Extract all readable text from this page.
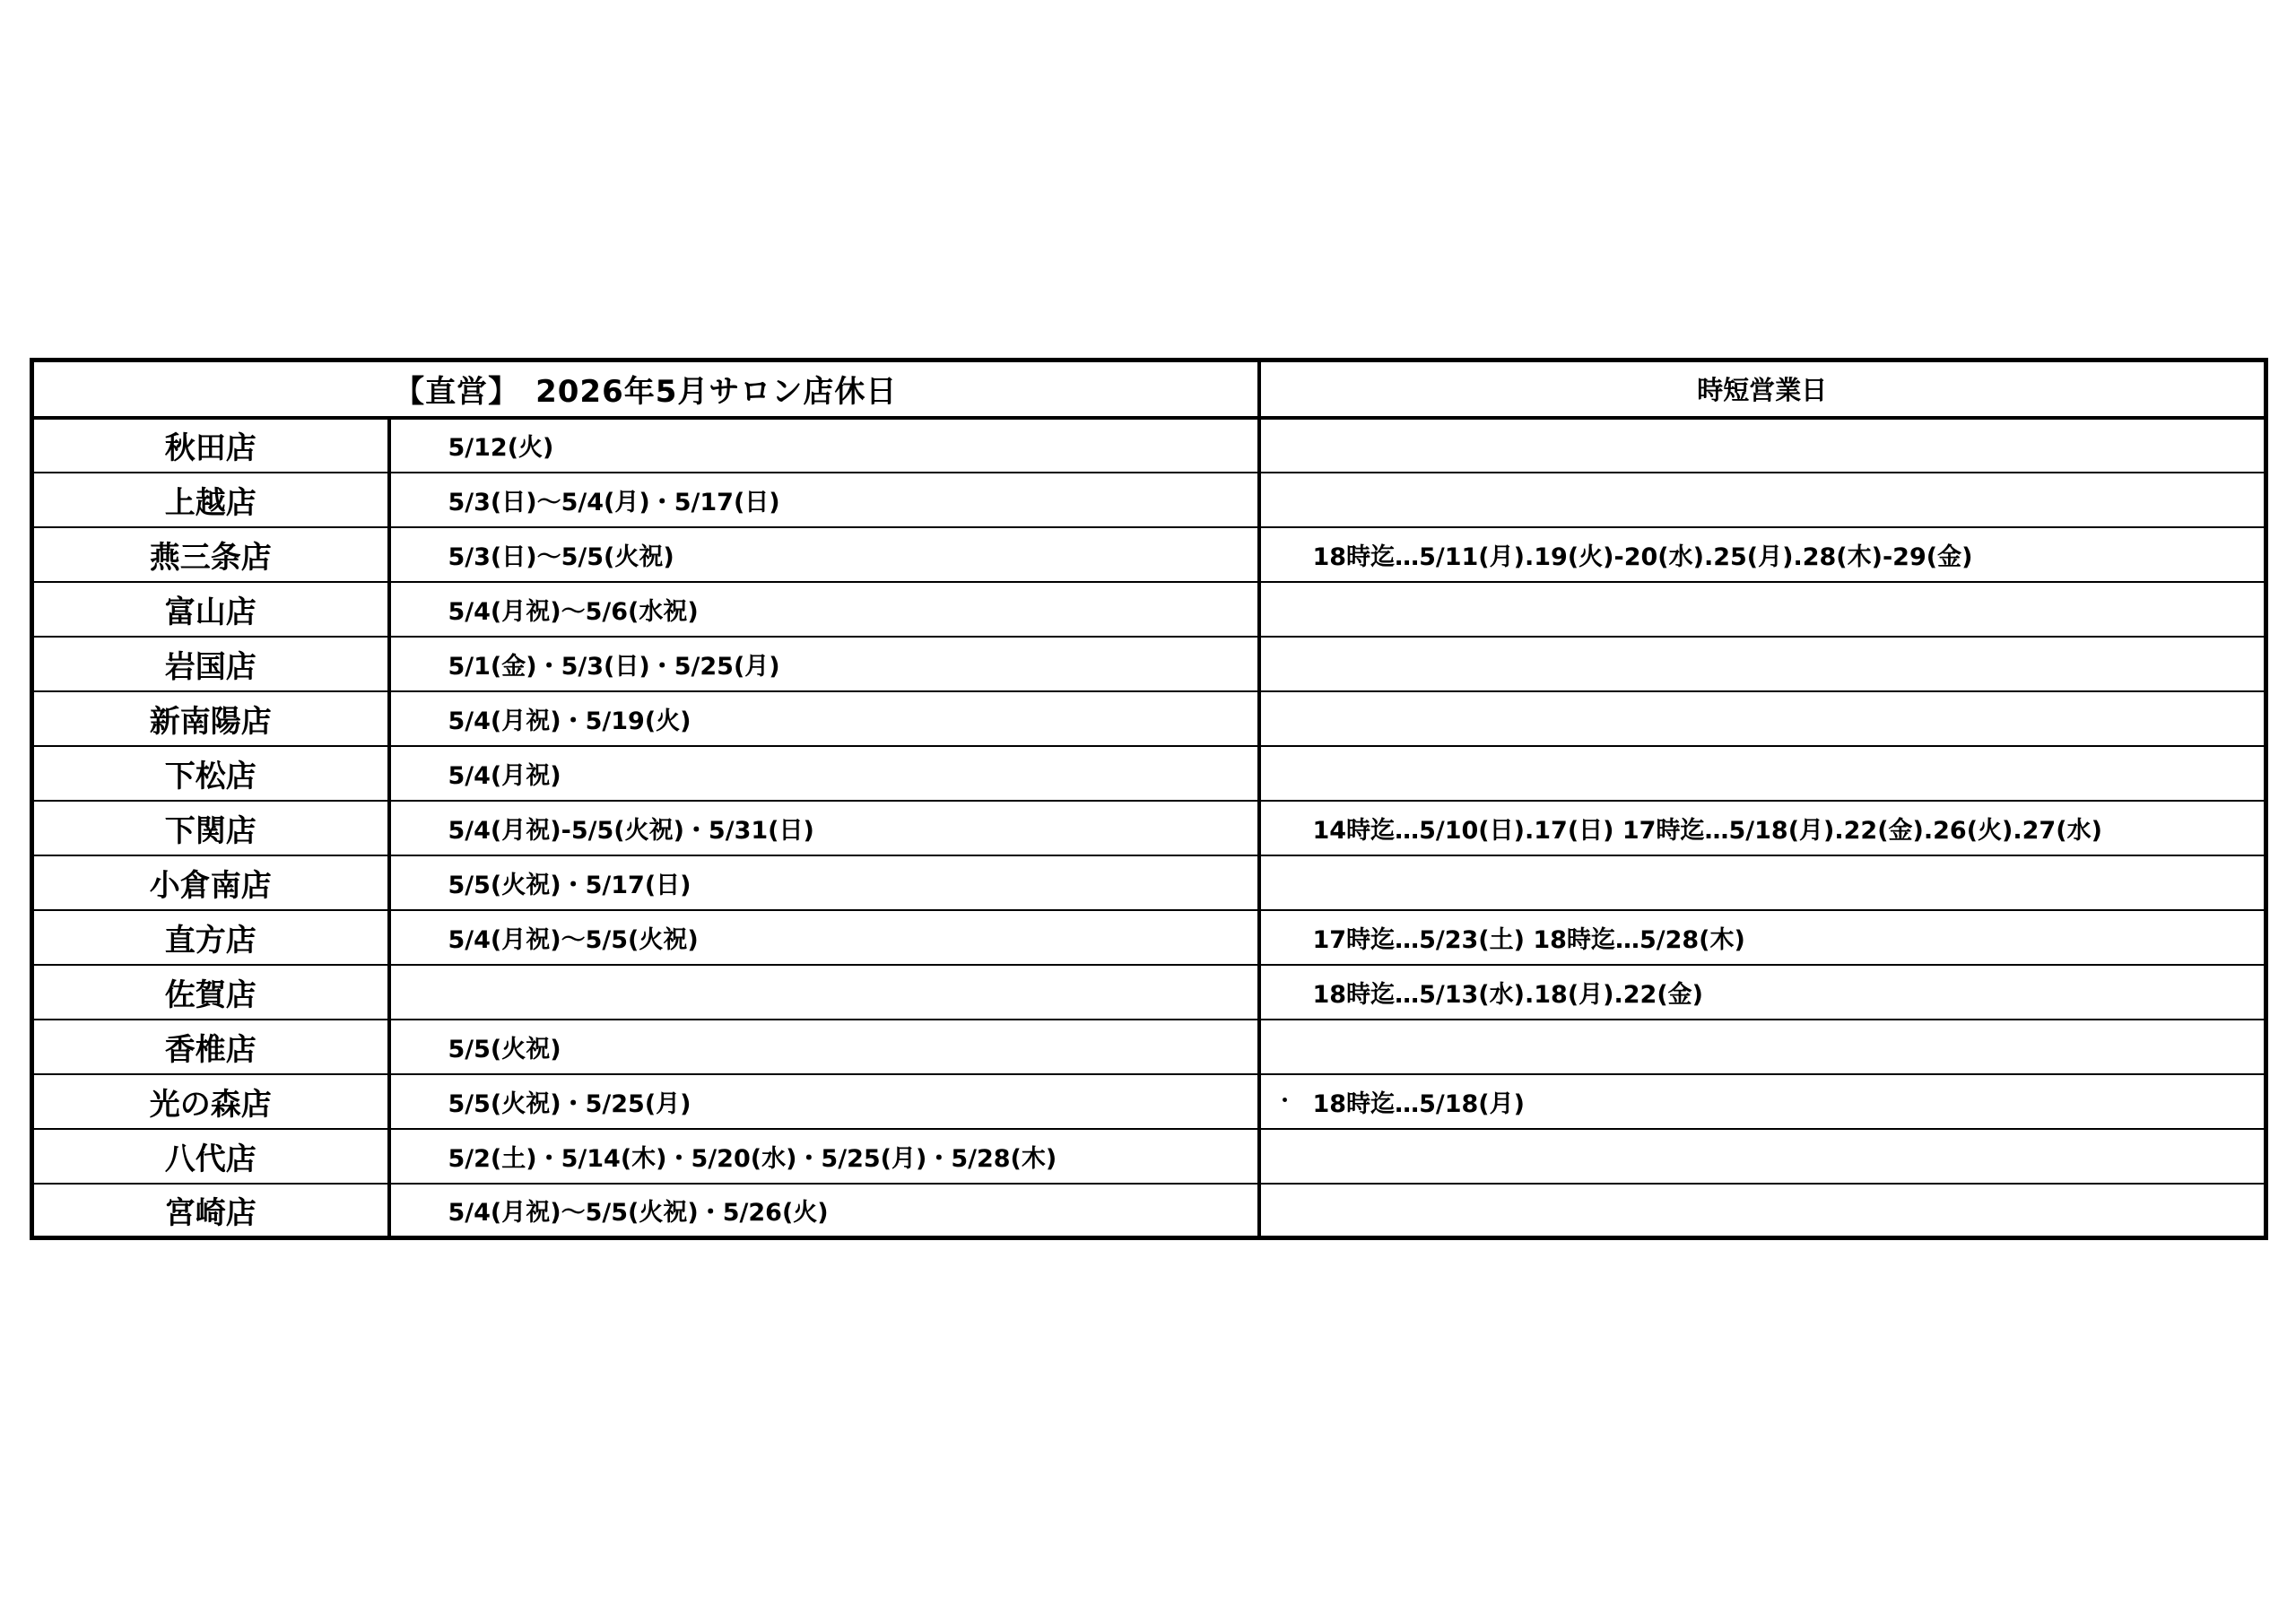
【直営】　2026年5月サロン店休日		時短営業日
秋田店	5/12(火)	
上越店	5/3(日)～5/4(月)・5/17(日)	
燕三条店	5/3(日)～5/5(火祝)	18時迄…5/11(月).19(火)-20(水).25(月).28(木)-29(金)
富山店	5/4(月祝)～5/6(水祝)	
岩国店	5/1(金)・5/3(日)・5/25(月)	
新南陽店	5/4(月祝)・5/19(火)	
下松店	5/4(月祝)	
下関店	5/4(月祝)-5/5(火祝)・5/31(日)	14時迄…5/10(日).17(日) 17時迄…5/18(月).22(金).26(火).27(水)
小倉南店	5/5(火祝)・5/17(日)	
直方店	5/4(月祝)～5/5(火祝)	17時迄…5/23(土) 18時迄…5/28(木)
佐賀店		18時迄…5/13(水).18(月).22(金)
香椎店	5/5(火祝)	
光の森店	5/5(火祝)・5/25(月)	・ 18時迄…5/18(月)
八代店	5/2(土)・5/14(木)・5/20(水)・5/25(月)・5/28(木)	
宮崎店	5/4(月祝)～5/5(火祝)・5/26(火)	
